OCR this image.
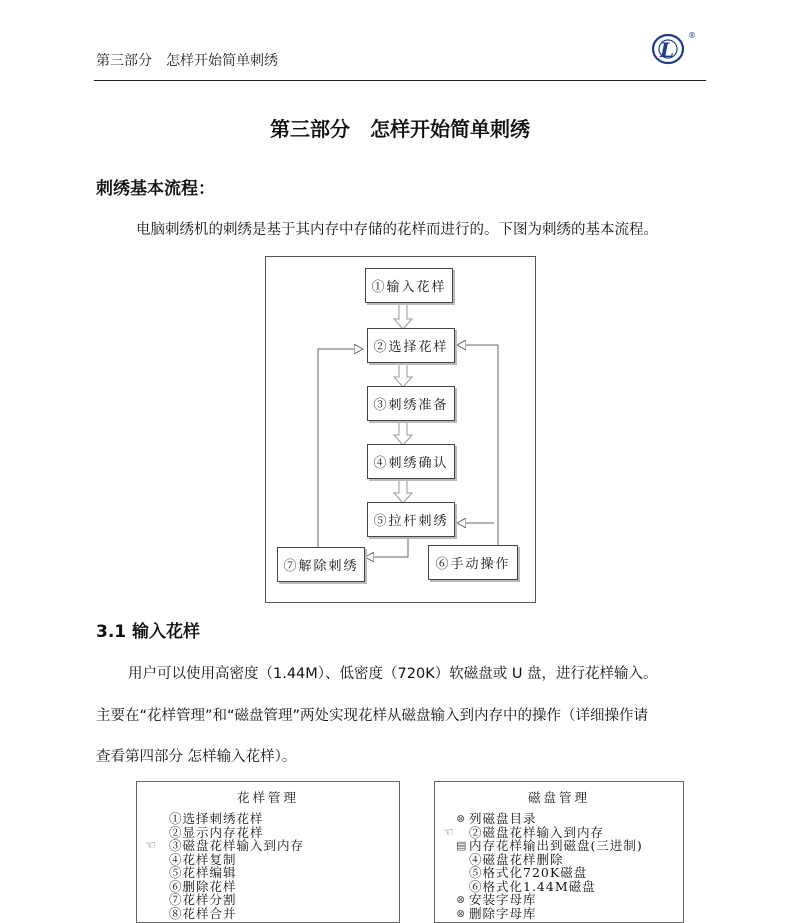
第三部分　怎样开始简单刺绣	L
®
第三部分　怎样开始简单刺绣
刺绣基本流程：
电脑刺绣机的刺绣是基于其内存中存储的花样而进行的。下图为刺绣的基本流程。
①输入花样
②选择花样
③刺绣准备
④刺绣确认
⑤拉杆刺绣
⑥手动操作
⑦解除刺绣
3.1 输入花样
用户可以使用高密度（1.44M）、低密度（720K）软磁盘或 U 盘，进行花样输入。
主要在“花样管理”和“磁盘管理”两处实现花样从磁盘输入到内存中的操作（详细操作请
查看第四部分 怎样输入花样）。
花样管理
①选择刺绣花样
②显示内存花样
☜ ③磁盘花样输入到内存
④花样复制
⑤花样编辑
⑥删除花样
⑦花样分割
⑧花样合并
磁盘管理
⊗ 列磁盘目录
☜ ②磁盘花样输入到内存
▤ 内存花样输出到磁盘(三进制)
④磁盘花样删除
⑤格式化720K磁盘
⑥格式化1.44M磁盘
⊗ 安装字母库
⊗ 删除字母库
